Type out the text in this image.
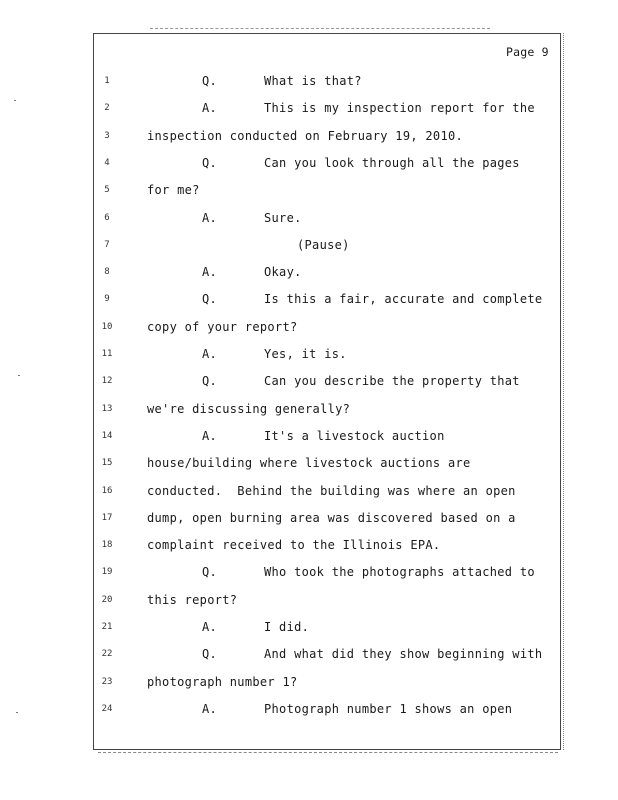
Page 9
1	Q.	What is that?
2	A.	This is my inspection report for the
3	inspection conducted on February 19, 2010.
4	Q.	Can you look through all the pages
5	for me?
6	A.	Sure.
7	(Pause)
8	A.	Okay.
9	Q.	Is this a fair, accurate and complete
10	copy of your report?
11	A.	Yes, it is.
12	Q.	Can you describe the property that
13	we're discussing generally?
14	A.	It's a livestock auction
15	house/building where livestock auctions are
16	conducted.  Behind the building was where an open
17	dump, open burning area was discovered based on a
18	complaint received to the Illinois EPA.
19	Q.	Who took the photographs attached to
20	this report?
21	A.	I did.
22	Q.	And what did they show beginning with
23	photograph number 1?
24	A.	Photograph number 1 shows an open
